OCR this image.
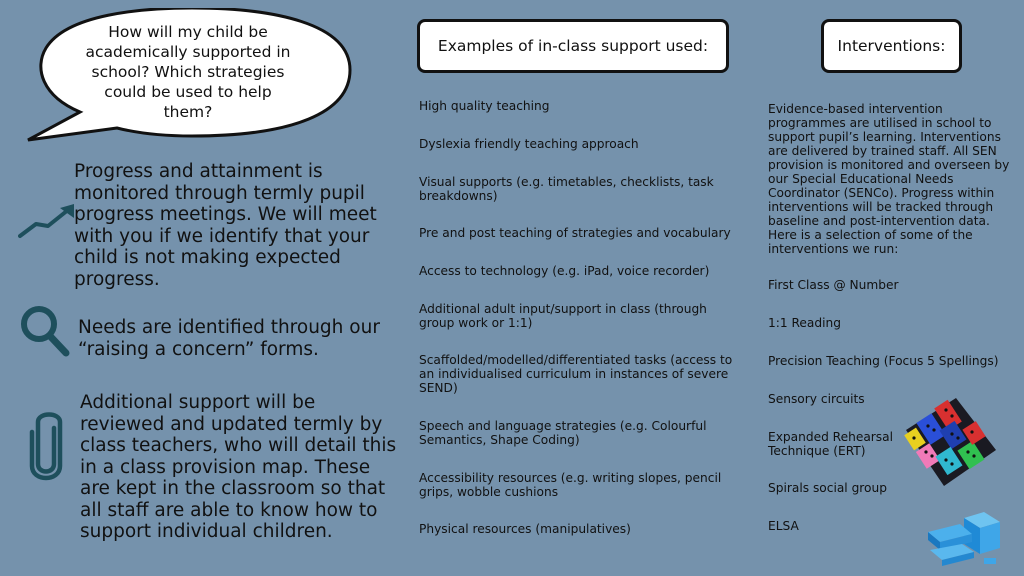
How will my child be academically supported in school? Which strategies could be used to help them?
Progress and attainment is monitored through termly pupil progress meetings. We will meet with you if we identify that your child is not making expected progress.
Needs are identified through our “raising a concern” forms.
Additional support will be reviewed and updated termly by class teachers, who will detail this in a class provision map. These are kept in the classroom so that all staff are able to know how to support individual children.
Examples of in-class support used:
High quality teaching
Dyslexia friendly teaching approach
Visual supports (e.g. timetables, checklists, task breakdowns)
Pre and post teaching of strategies and vocabulary
Access to technology (e.g. iPad, voice recorder)
Additional adult input/support in class (through group work or 1:1)
Scaffolded/modelled/differentiated tasks (access to an individualised curriculum in instances of severe SEND)
Speech and language strategies (e.g. Colourful Semantics, Shape Coding)
Accessibility resources (e.g. writing slopes, pencil grips, wobble cushions
Physical resources (manipulatives)
Interventions:
Evidence-based intervention programmes are utilised in school to support pupil’s learning. Interventions are delivered by trained staff. All SEN provision is monitored and overseen by our Special Educational Needs Coordinator (SENCo). Progress within interventions will be tracked through baseline and post-intervention data. Here is a selection of some of the interventions we run:
First Class @ Number
1:1 Reading
Precision Teaching (Focus 5 Spellings)
Sensory circuits
Expanded Rehearsal Technique (ERT)
Spirals social group
ELSA
